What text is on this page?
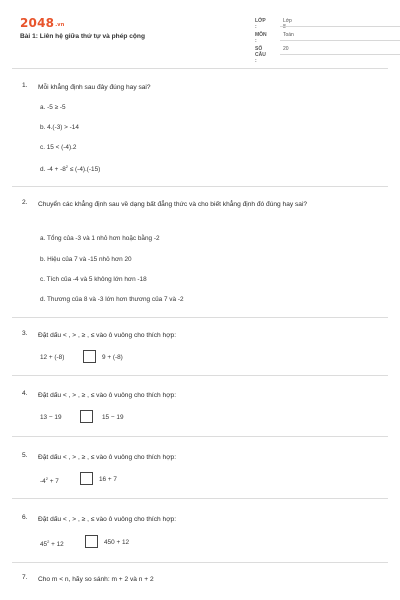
2048.vn
Bài 1: Liên hệ giữa thứ tự và phép cộng
LỚP :
Lớp 8
MÔN :
Toán
SỐ CÂU :
20
1. Mỗi khẳng định sau đây đúng hay sai?
a. -5 ≥ -5
b. 4.(-3) > -14
c. 15 < (-4).2
d. $-4 + -8^2 \le (-4).(-15)$
2. Chuyển các khẳng định sau về dạng bất đẳng thức và cho biết khẳng định đó đúng hay sai?
a. Tổng của -3 và 1 nhỏ hơn hoặc bằng -2
b. Hiệu của 7 và -15 nhỏ hơn 20
c. Tích của -4 và 5 không lớn hơn -18
d. Thương của 8 và -3 lớn hơn thương của 7 và -2
3. Đặt dấu < , > , ≥ , ≤ vào ô vuông cho thích hợp:
12 + (-8)	9 + (-8)
4. Đặt dấu < , > , ≥ , ≤ vào ô vuông cho thích hợp:
13 − 19	15 − 19
5. Đặt dấu < , > , ≥ , ≤ vào ô vuông cho thích hợp:
$-4^2 + 7$	16 + 7
6. Đặt dấu < , > , ≥ , ≤ vào ô vuông cho thích hợp:
$45^2 + 12$	450 + 12
7. Cho m < n, hãy so sánh: m + 2 và n + 2
